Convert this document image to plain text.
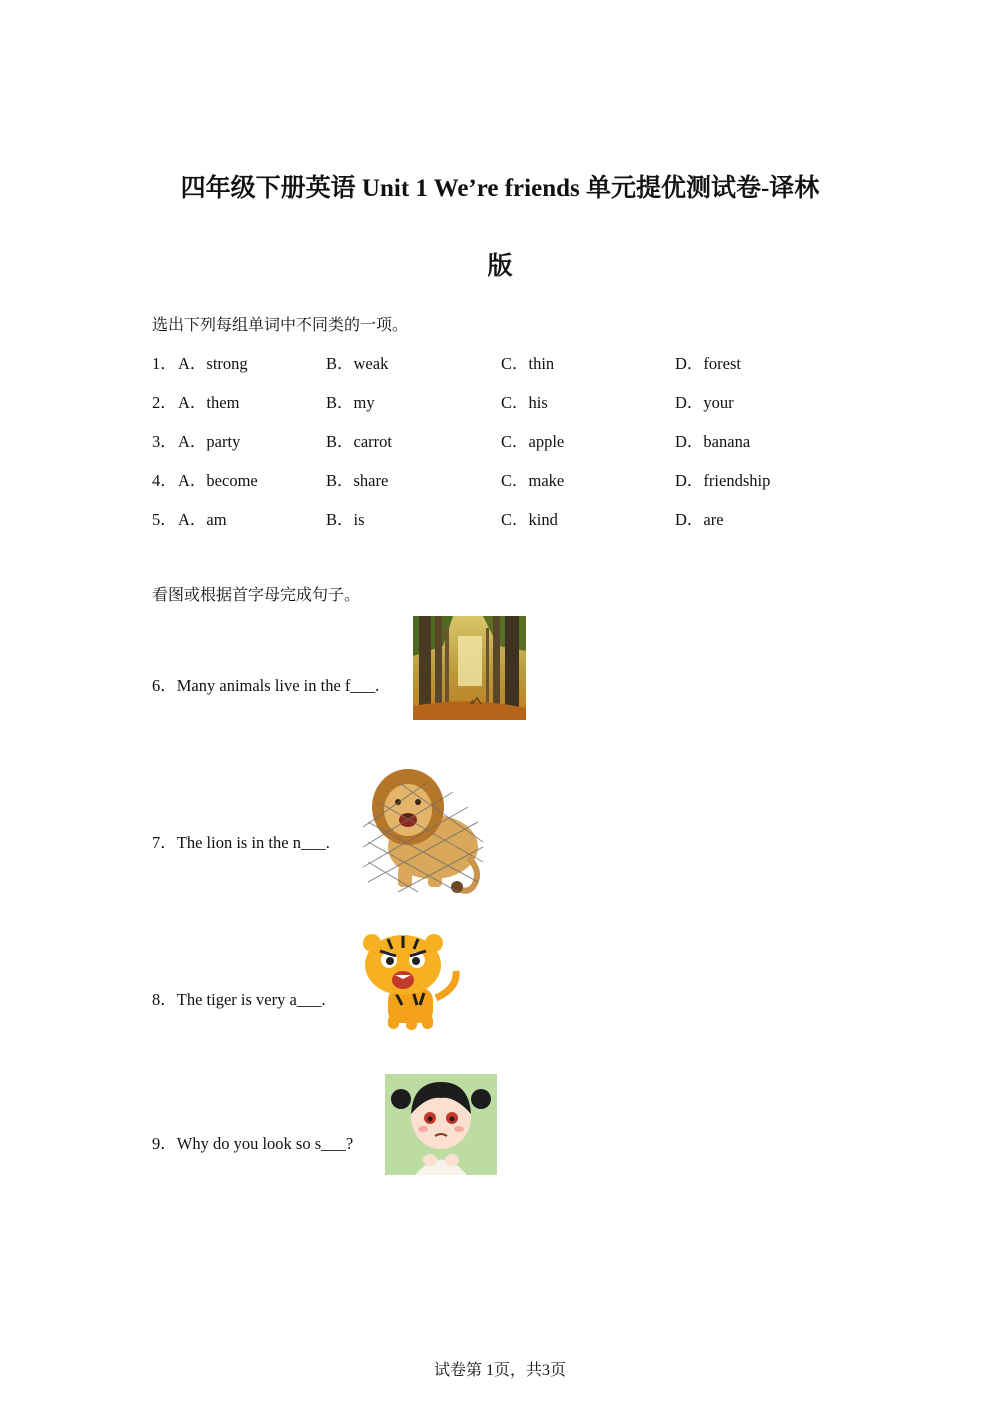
四年级下册英语 Unit 1 We’re friends 单元提优测试卷-译林
版
选出下列每组单词中不同类的一项。
1． A．strong	B．weak	C．thin	D．forest
2． A．them	B．my	C．his	D．your
3． A．party	B．carrot	C．apple	D．banana
4． A．become	B．share	C．make	D．friendship
5． A．am	B．is	C．kind	D．are
看图或根据首字母完成句子。
6．Many animals live in the f___.
7．The lion is in the n___.
8．The tiger is very a___.
9．Why do you look so s___?
试卷第 1页，共3页
